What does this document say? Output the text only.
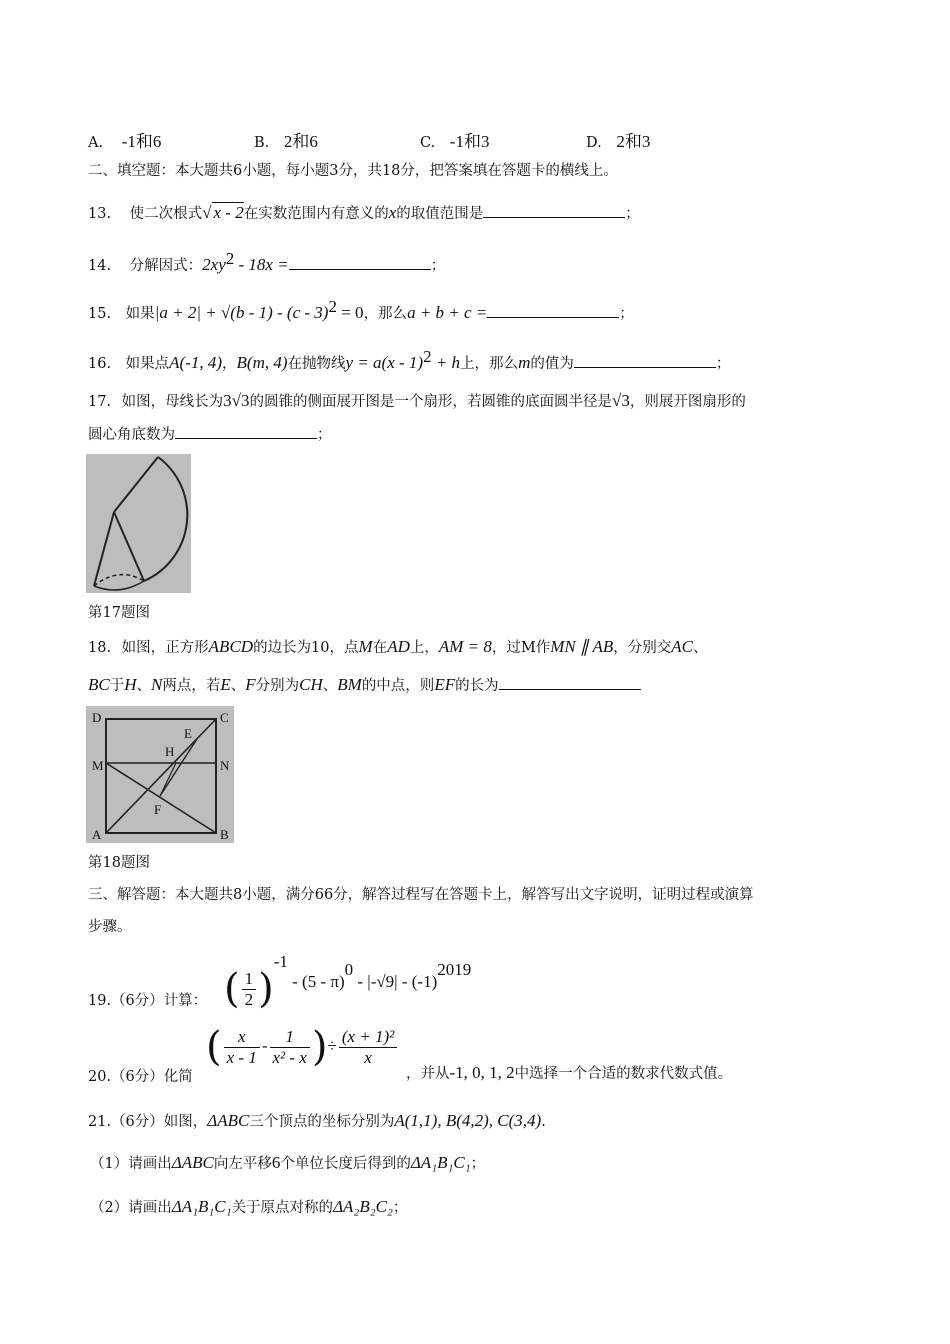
A. -1和6	B. 2和6	C. -1和3	D. 2和3
二、填空题：本大题共6小题，每小题3分，共18分，把答案填在答题卡的横线上。
13. 使二次根式√ x - 2在实数范围内有意义的x的取值范围是	；
14. 分解因式：$2xy^2 - 18x$ =	；
15. 如果|a + 2| + √(b - 1) - (c - 3)$^2$ = 0，那么a + b + c =	；
16. 如果点A(-1, 4)，B(m, 4)在抛物线y = a(x - 1)$^2$ + h上，那么m的值为	；
17. 如图，母线长为3√3的圆锥的侧面展开图是一个扇形，若圆锥的底面圆半径是√3，则展开图扇形的
圆心角底数为	；
第17题图
18. 如图，正方形ABCD的边长为10，点M在AD上，AM = 8，过M作MN ∥ AB，分别交AC、
BC于H、N两点，若E、F分别为CH、BM的中点，则EF的长为
D	C
M	N
A	B
E
H
F
第18题图
三、解答题：本大题共8小题，满分66分，解答过程写在答题卡上，解答写出文字说明，证明过程或演算
步骤。
19.（6分）计算： ( $\frac{1}{2} )^{-1} - (5 - \pi)^0 - |-√9| - (-1)^{2019}$
20.（6分）化简
( $\frac{x}{x - 1} - \frac{1}{\text{x² - x}}$ )÷ $\frac{\text{(x + 1)²}}{x}$
，并从-1, 0, 1, 2中选择一个合适的数求代数式值。
21.（6分）如图，ΔABC三个顶点的坐标分别为A(1,1), B(4,2), C(3,4).
（1）请画出ΔABC向左平移6个单位长度后得到的ΔA₁B₁C₁；
（2）请画出ΔA₁B₁C₁关于原点对称的ΔA₂B₂C₂；
